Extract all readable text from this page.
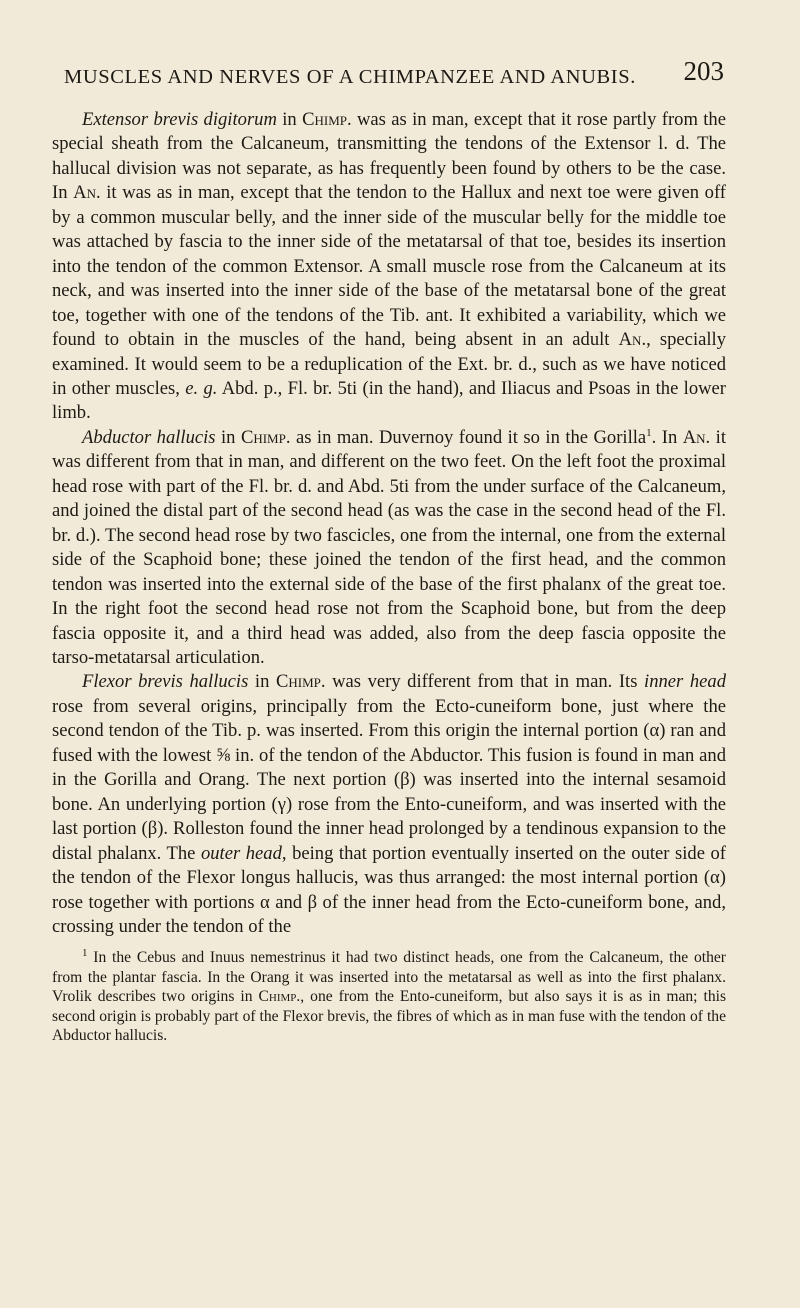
MUSCLES AND NERVES OF A CHIMPANZEE AND ANUBIS. 203

Extensor brevis digitorum in Chimp. was as in man, except that it rose partly from the special sheath from the Calcaneum, transmitting the tendons of the Extensor l. d. The hallucal division was not separate, as has frequently been found by others to be the case. In An. it was as in man, except that the tendon to the Hallux and next toe were given off by a common muscular belly, and the inner side of the muscular belly for the middle toe was attached by fascia to the inner side of the metatarsal of that toe, besides its insertion into the tendon of the common Extensor. A small muscle rose from the Calcaneum at its neck, and was inserted into the inner side of the base of the metatarsal bone of the great toe, together with one of the tendons of the Tib. ant. It exhibited a variability, which we found to obtain in the muscles of the hand, being absent in an adult An., specially examined. It would seem to be a reduplication of the Ext. br. d., such as we have noticed in other muscles, e. g. Abd. p., Fl. br. 5ti (in the hand), and Iliacus and Psoas in the lower limb.

Abductor hallucis in Chimp. as in man. Duvernoy found it so in the Gorilla$^1$. In An. it was different from that in man, and different on the two feet. On the left foot the proximal head rose with part of the Fl. br. d. and Abd. 5ti from the under surface of the Calcaneum, and joined the distal part of the second head (as was the case in the second head of the Fl. br. d.). The second head rose by two fascicles, one from the internal, one from the external side of the Scaphoid bone; these joined the tendon of the first head, and the common tendon was inserted into the external side of the base of the first phalanx of the great toe. In the right foot the second head rose not from the Scaphoid bone, but from the deep fascia opposite it, and a third head was added, also from the deep fascia opposite the tarso-metatarsal articulation.

Flexor brevis hallucis in Chimp. was very different from that in man. Its inner head rose from several origins, principally from the Ecto-cuneiform bone, just where the second tendon of the Tib. p. was inserted. From this origin the internal portion (α) ran and fused with the lowest ⅝ in. of the tendon of the Abductor. This fusion is found in man and in the Gorilla and Orang. The next portion (β) was inserted into the internal sesamoid bone. An underlying portion (γ) rose from the Ento-cuneiform, and was inserted with the last portion (β). Rolleston found the inner head prolonged by a tendinous expansion to the distal phalanx. The outer head, being that portion eventually inserted on the outer side of the tendon of the Flexor longus hallucis, was thus arranged: the most internal portion (α) rose together with portions α and β of the inner head from the Ecto-cuneiform bone, and, crossing under the tendon of the

$^1$ In the Cebus and Inuus nemestrinus it had two distinct heads, one from the Calcaneum, the other from the plantar fascia. In the Orang it was inserted into the metatarsal as well as into the first phalanx. Vrolik describes two origins in Chimp., one from the Ento-cuneiform, but also says it is as in man; this second origin is probably part of the Flexor brevis, the fibres of which as in man fuse with the tendon of the Abductor hallucis.
